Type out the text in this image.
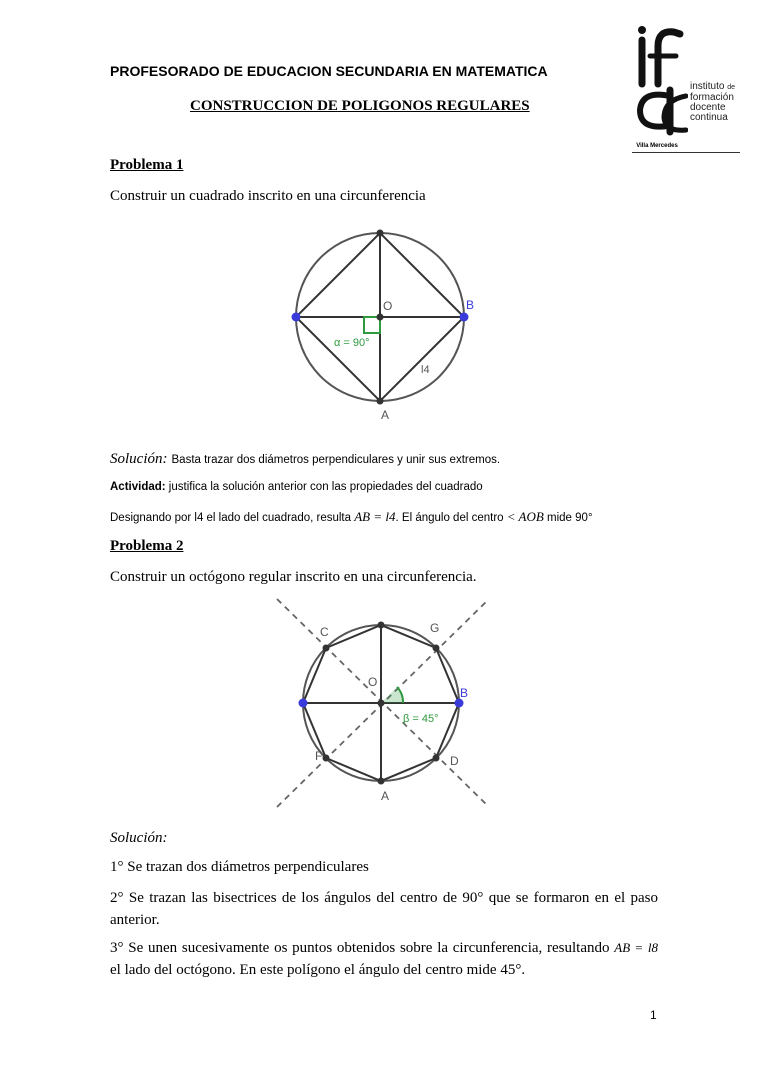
PROFESORADO DE EDUCACION SECUNDARIA EN MATEMATICA
CONSTRUCCION DE POLIGONOS REGULARES
instituto de
formación
docente
continua
Villa Mercedes
Problema 1
Construir un cuadrado inscrito en una circunferencia
O	B
A
α = 90°
l4
Solución: Basta trazar dos diámetros perpendiculares y unir sus extremos.
Actividad: justifica la solución anterior con las propiedades del cuadrado
Designando por l4 el lado del cuadrado, resulta AB = l4. El ángulo del centro < AOB mide 90°
Problema 2
Construir un octógono regular inscrito en una circunferencia.
C	G
O
B
F	D
A
β = 45°
Solución:
1° Se trazan dos diámetros perpendiculares
2° Se trazan las bisectrices de los ángulos del centro de 90° que se formaron en el paso anterior.
3° Se unen sucesivamente os puntos obtenidos sobre la circunferencia, resultando AB = l8 el lado del octógono. En este polígono el ángulo del centro mide 45°.
1
